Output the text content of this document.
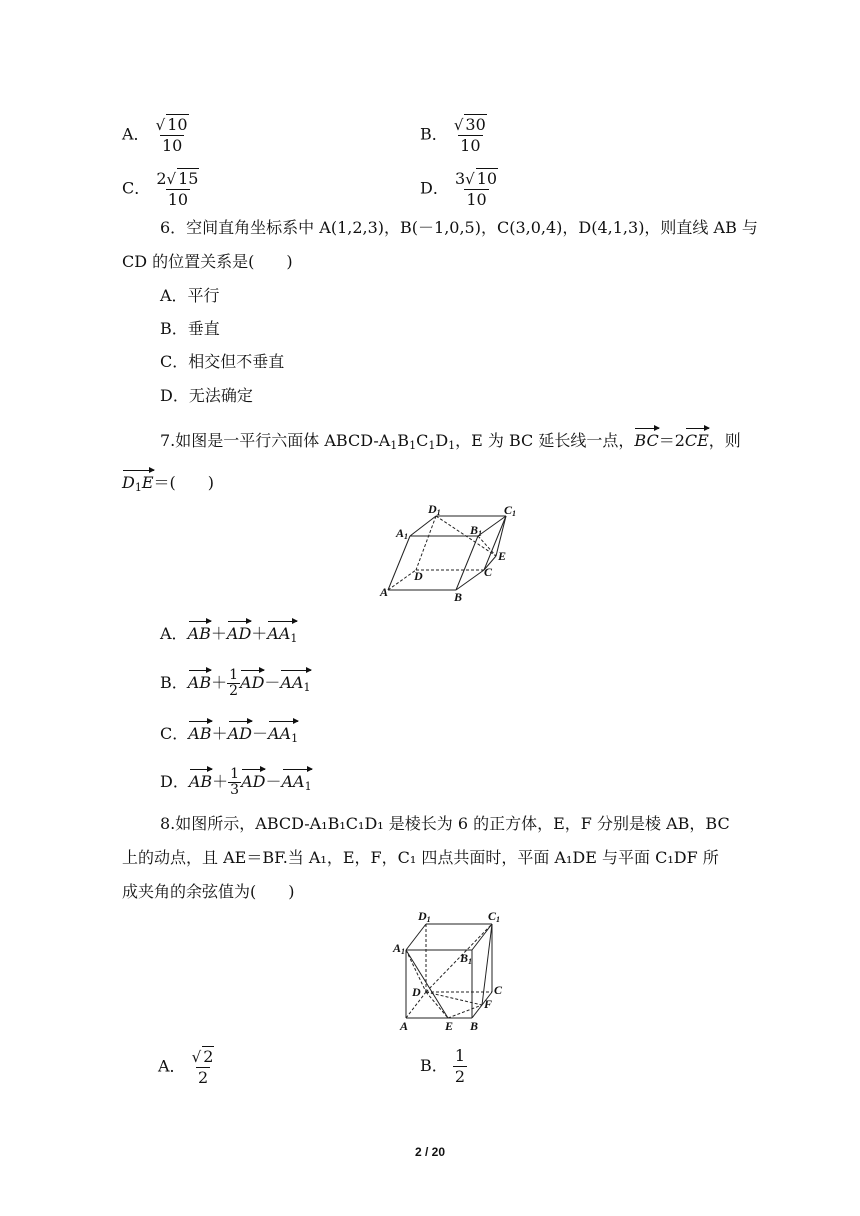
A． $\frac{√ 10}{10}$	B． $\frac{√ 30}{10}$
C． $\frac{2√ 15}{10}$	D． $\frac{3√ 10}{10}$
6．空间直角坐标系中 A(1,2,3)，B(－1,0,5)，C(3,0,4)，D(4,1,3)，则直线 AB 与
CD 的位置关系是(　　)
A．平行
B．垂直
C．相交但不垂直
D．无法确定
7.如图是一平行六面体 ABCD-$A_1B_1C_1D_1$，E 为 BC 延长线一点，BC＝2CE，则
$D_1E=$(　　)
D1	C1
A1	B1
E
D	C
A	B
A．$AB+AD+AA_1$
B．$AB+ \frac{1}{2} AD-AA_1$
C．$AB+AD-AA_1$
D．$AB+ \frac{1}{3} AD-AA_1$
8.如图所示，ABCD-A₁B₁C₁D₁ 是棱长为 6 的正方体，E，F 分别是棱 AB，BC
上的动点，且 AE＝BF.当 A₁，E，F，C₁ 四点共面时，平面 A₁DE 与平面 C₁DF 所
成夹角的余弦值为(　　)
D1	C1
A1	B1
D	C
F
A	E B
A． $\frac{√ 2}{2}$	B． $\frac{1}{2}$
2 / 20
